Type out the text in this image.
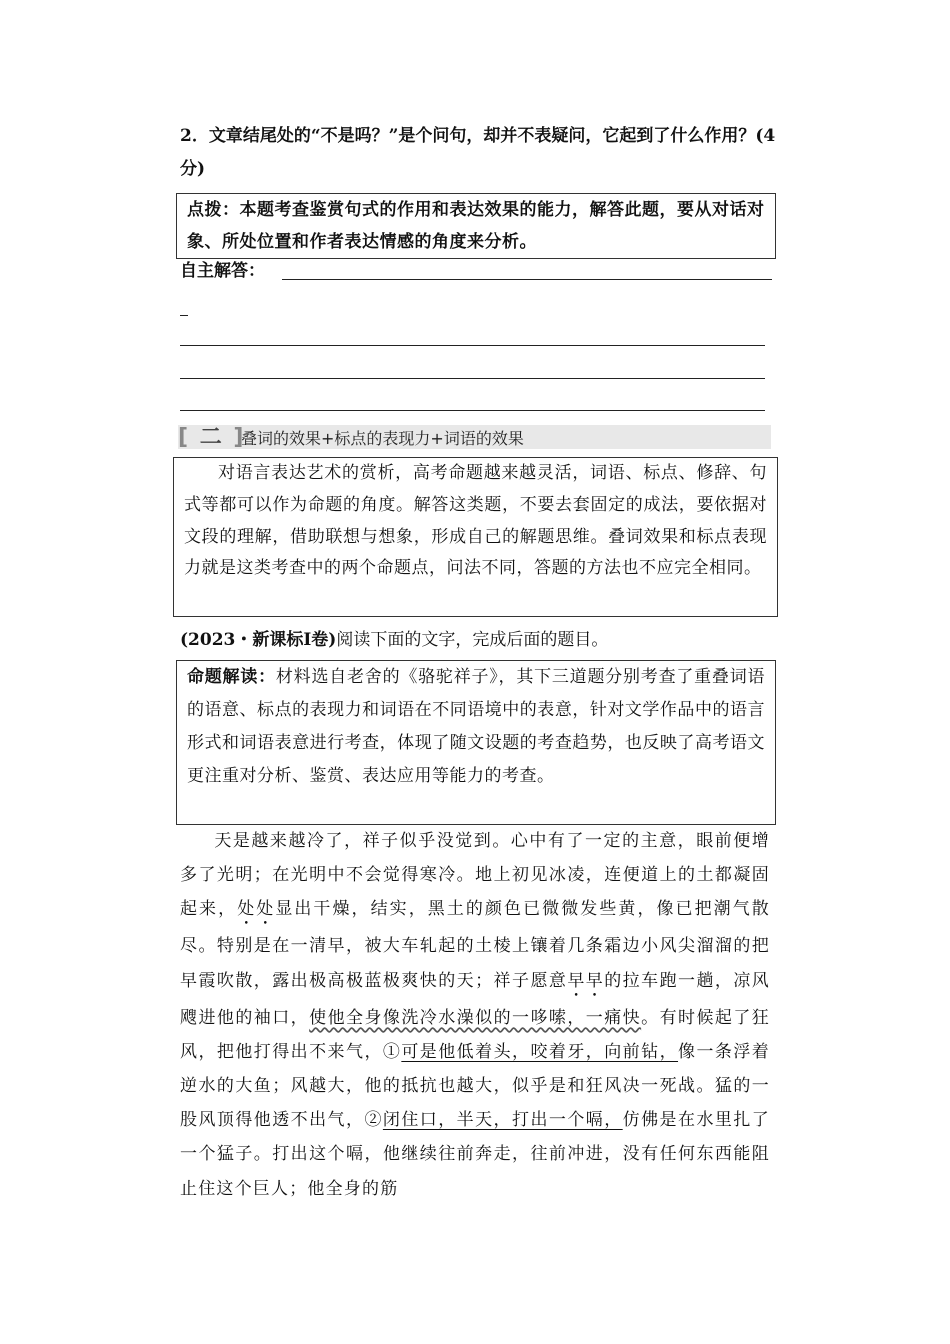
2．文章结尾处的“不是吗？”是个问句，却并不表疑问，它起到了什么作用？(4分)
点拨：本题考查鉴赏句式的作用和表达效果的能力，解答此题，要从对话对象、所处位置和作者表达情感的角度来分析。
自主解答：
[ 二 ]
叠词的效果+标点的表现力+词语的效果
对语言表达艺术的赏析，高考命题越来越灵活，词语、标点、修辞、句式等都可以作为命题的角度。解答这类题，不要去套固定的成法，要依据对文段的理解，借助联想与想象，形成自己的解题思维。叠词效果和标点表现力就是这类考查中的两个命题点，问法不同，答题的方法也不应完全相同。
(2023・新课标Ⅰ卷)阅读下面的文字，完成后面的题目。
命题解读：材料选自老舍的《骆驼祥子》，其下三道题分别考查了重叠词语的语意、标点的表现力和词语在不同语境中的表意，针对文学作品中的语言形式和词语表意进行考查，体现了随文设题的考查趋势，也反映了高考语文更注重对分析、鉴赏、表达应用等能力的考查。
天是越来越冷了，祥子似乎没觉到。心中有了一定的主意，眼前便增多了光明；在光明中不会觉得寒冷。地上初见冰凌，连便道上的土都凝固起来，处处显出干燥，结实，黑土的颜色已微微发些黄，像已把潮气散尽。特别是在一清早，被大车轧起的土棱上镶着几条霜边小风尖溜溜的把早霞吹散，露出极高极蓝极爽快的天；祥子愿意早早的拉车跑一趟，凉风飕进他的袖口，使他全身像洗冷水澡似的一哆嗦，一痛快。有时候起了狂风，把他打得出不来气，①可是他低着头，咬着牙，向前钻，像一条浮着逆水的大鱼；风越大，他的抵抗也越大，似乎是和狂风决一死战。猛的一股风顶得他透不出气，②闭住口，半天，打出一个嗝，仿佛是在水里扎了一个猛子。打出这个嗝，他继续往前奔走，往前冲进，没有任何东西能阻止住这个巨人；他全身的筋
